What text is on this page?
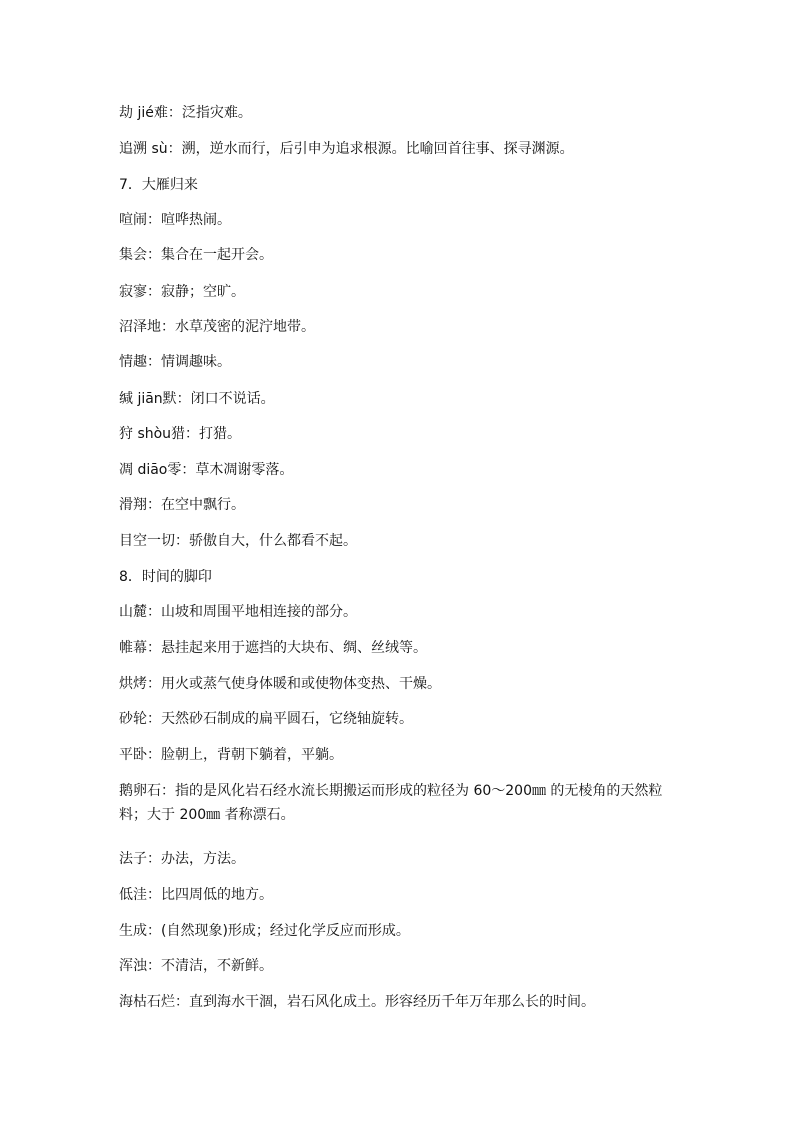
劫 jié难：泛指灾难。
追溯 sù：溯，逆水而行，后引申为追求根源。比喻回首往事、探寻渊源。
7．大雁归来
喧闹：喧哗热闹。
集会：集合在一起开会。
寂寥：寂静；空旷。
沼泽地：水草茂密的泥泞地带。
情趣：情调趣味。
缄 jiān默：闭口不说话。
狩 shòu猎：打猎。
凋 diāo零：草木凋谢零落。
滑翔：在空中飘行。
目空一切：骄傲自大，什么都看不起。
8．时间的脚印
山麓：山坡和周围平地相连接的部分。
帷幕：悬挂起来用于遮挡的大块布、绸、丝绒等。
烘烤：用火或蒸气使身体暖和或使物体变热、干燥。
砂轮：天然砂石制成的扁平圆石，它绕轴旋转。
平卧：脸朝上，背朝下躺着，平躺。
鹅卵石：指的是风化岩石经水流长期搬运而形成的粒径为 60～200㎜ 的无棱角的天然粒料；大于 200㎜ 者称漂石。
法子：办法，方法。
低洼：比四周低的地方。
生成：(自然现象)形成；经过化学反应而形成。
浑浊：不清洁，不新鲜。
海枯石烂：直到海水干涸，岩石风化成土。形容经历千年万年那么长的时间。
